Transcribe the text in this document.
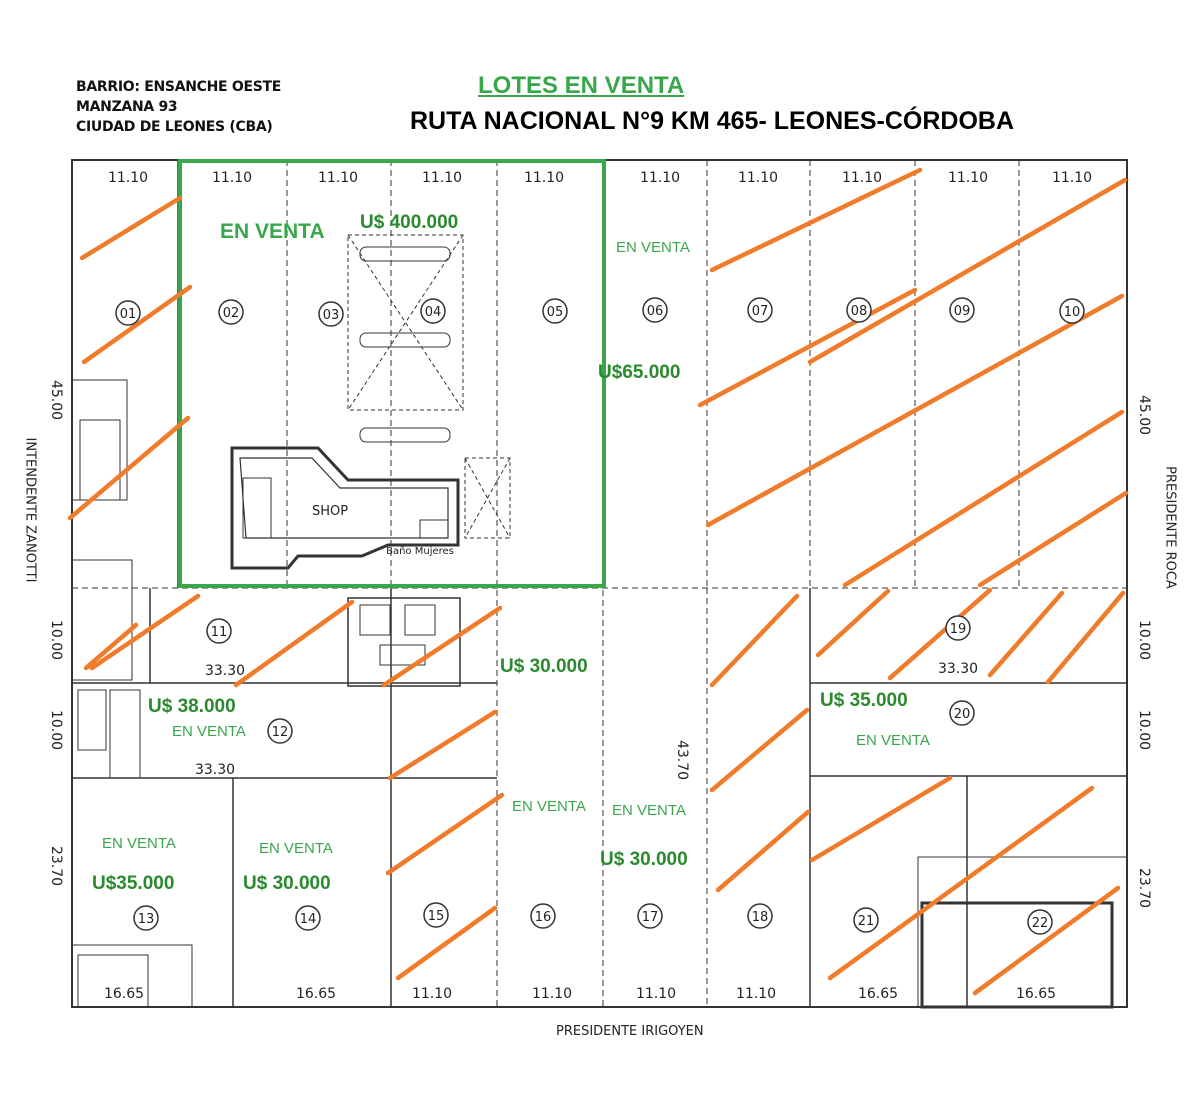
BARRIO: ENSANCHE OESTE
MANZANA 93
CIUDAD DE LEONES (CBA)
LOTES EN VENTA
RUTA NACIONAL N°9 KM 465- LEONES-CÓRDOBA
INTENDENTE ZANOTTI	PRESIDENTE ROCA
PRESIDENTE IRIGOYEN
01	02	03	04	05	06	07	08	09	10
11
12
13	14	15	16	17	18	21
19
20
22
11.10	11.10	11.10	11.10	11.10	11.10	11.10	11.10	11.10	11.10
16.65	16.65	11.10	11.10	11.10	11.10	16.65	16.65
45.00
10.00
10.00
23.70
45.00
10.00
10.00
23.70
33.30
33.30
33.30
43.70
SHOP
Baño Mujeres
EN VENTA
EN VENTA
EN VENTA
EN VENTA
EN VENTA	EN VENTA
EN VENTA EN VENTA
U$ 400.000
U$65.000
U$ 30.000
U$ 38.000	U$ 35.000
U$ 30.000
U$35.000	U$ 30.000
